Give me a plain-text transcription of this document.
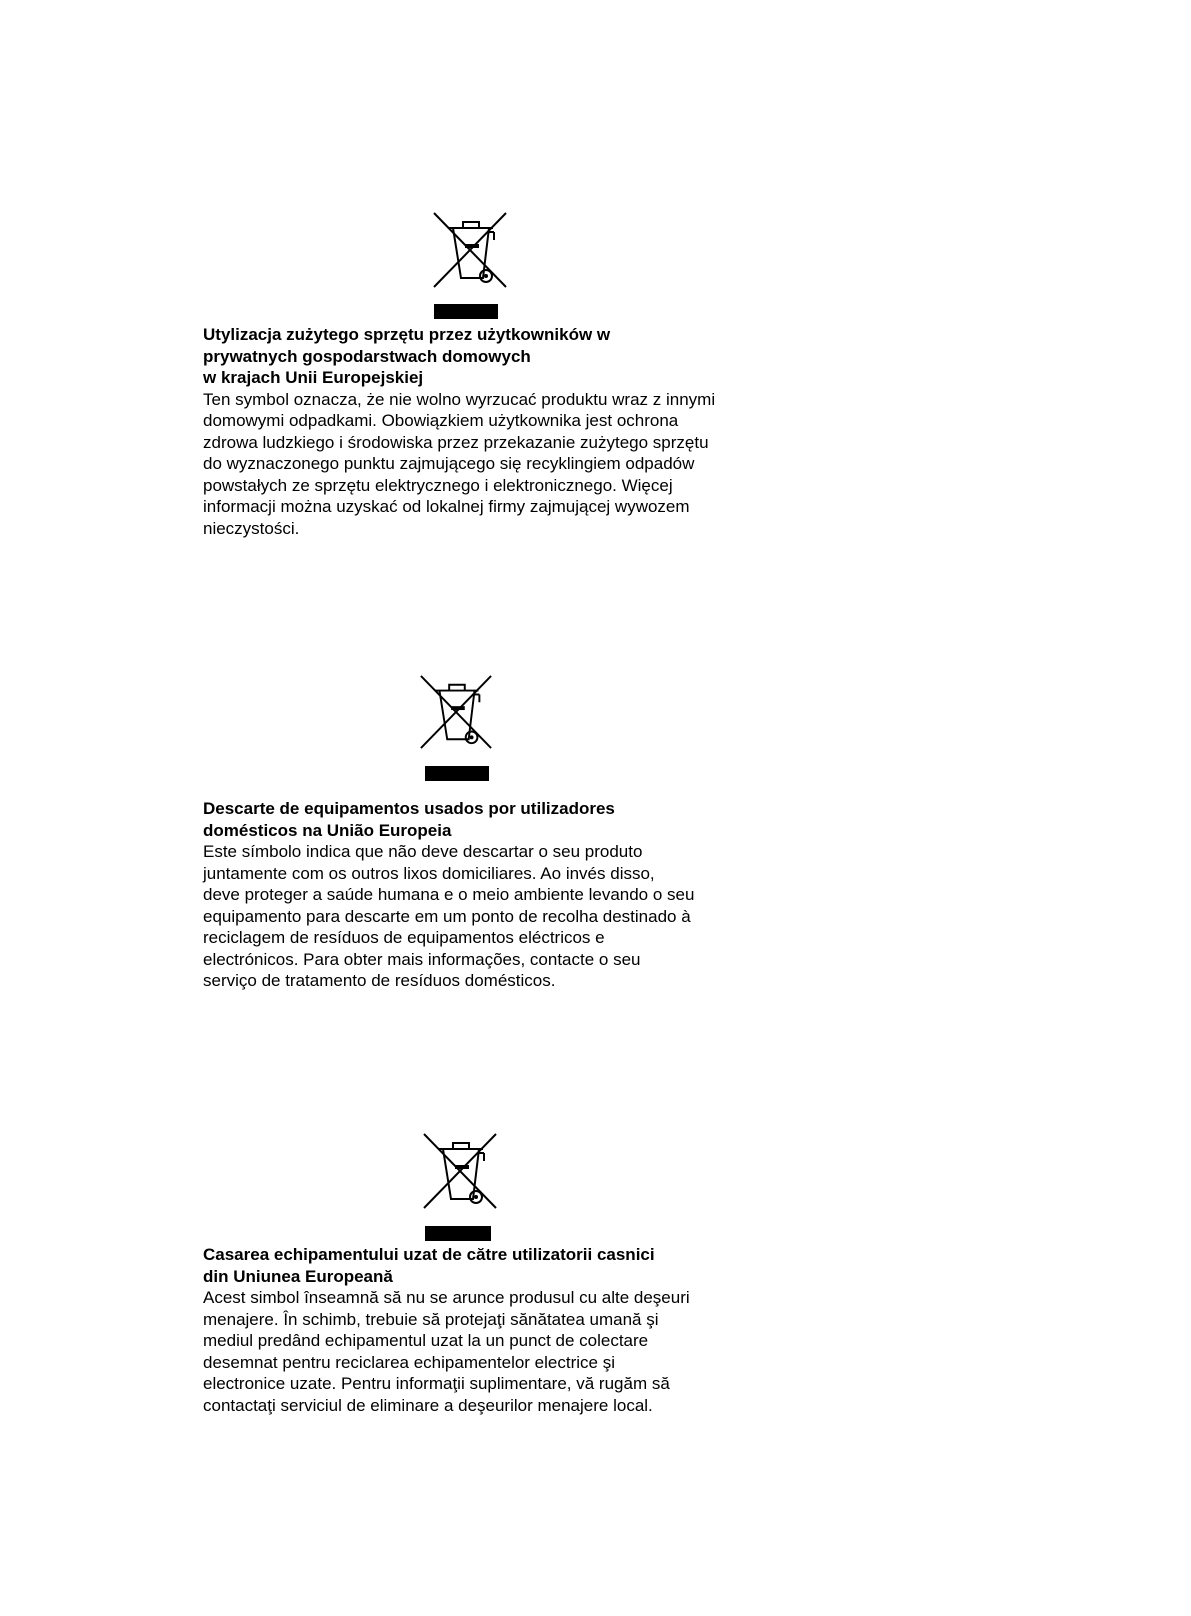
Utylizacja zużytego sprzętu przez użytkowników w
prywatnych gospodarstwach domowych
w krajach Unii Europejskiej
Ten symbol oznacza, że nie wolno wyrzucać produktu wraz z innymi
domowymi odpadkami. Obowiązkiem użytkownika jest ochrona
zdrowa ludzkiego i środowiska przez przekazanie zużytego sprzętu
do wyznaczonego punktu zajmującego się recyklingiem odpadów
powstałych ze sprzętu elektrycznego i elektronicznego. Więcej
informacji można uzyskać od lokalnej firmy zajmującej wywozem
nieczystości.
Descarte de equipamentos usados por utilizadores
domésticos na União Europeia
Este símbolo indica que não deve descartar o seu produto
juntamente com os outros lixos domiciliares. Ao invés disso,
deve proteger a saúde humana e o meio ambiente levando o seu
equipamento para descarte em um ponto de recolha destinado à
reciclagem de resíduos de equipamentos eléctricos e
electrónicos. Para obter mais informações, contacte o seu
serviço de tratamento de resíduos domésticos.
Casarea echipamentului uzat de către utilizatorii casnici
din Uniunea Europeană
Acest simbol înseamnă să nu se arunce produsul cu alte deşeuri
menajere. În schimb, trebuie să protejaţi sănătatea umană şi
mediul predând echipamentul uzat la un punct de colectare
desemnat pentru reciclarea echipamentelor electrice şi
electronice uzate. Pentru informaţii suplimentare, vă rugăm să
contactaţi serviciul de eliminare a deşeurilor menajere local.
